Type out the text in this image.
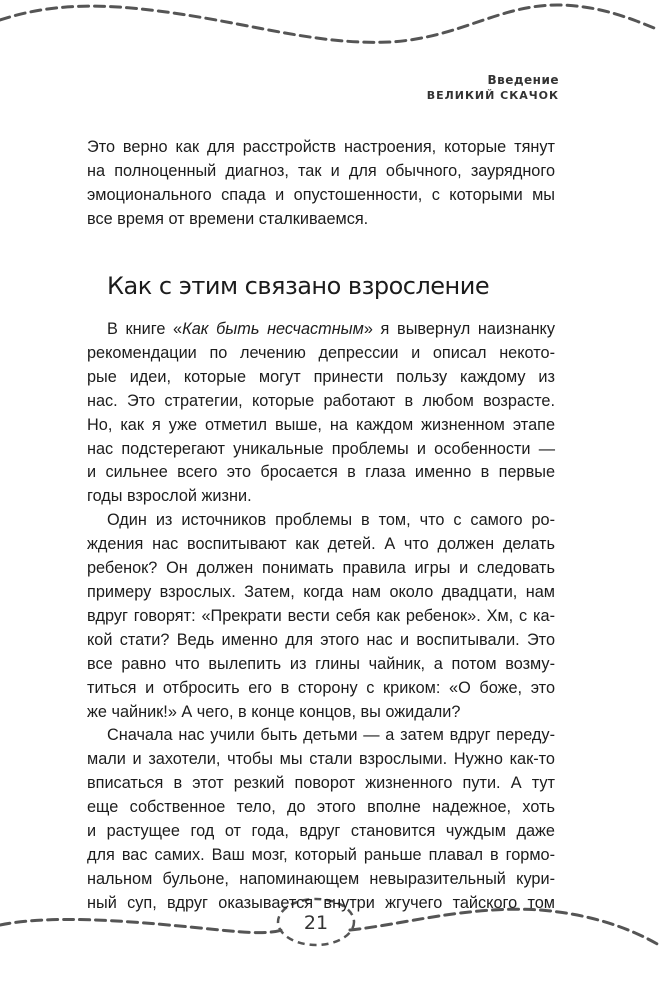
Введение
ВЕЛИКИЙ СКАЧОК

Это верно как для расстройств настроения, которые тянут

на полноценный диагноз, так и для обычного, заурядного

эмоционального спада и опустошенности, с которыми мы

все время от времени сталкиваемся.

Как с этим связано взросление

В книге «Как быть несчастным» я вывернул наизнанку

рекомендации по лечению депрессии и описал некото-

рые идеи, которые могут принести пользу каждому из

нас. Это стратегии, которые работают в любом возрасте.

Но, как я уже отметил выше, на каждом жизненном этапе

нас подстерегают уникальные проблемы и особенности —

и сильнее всего это бросается в глаза именно в первые

годы взрослой жизни.

Один из источников проблемы в том, что с самого ро-

ждения нас воспитывают как детей. А что должен делать

ребенок? Он должен понимать правила игры и следовать

примеру взрослых. Затем, когда нам около двадцати, нам

вдруг говорят: «Прекрати вести себя как ребенок». Хм, с ка-

кой стати? Ведь именно для этого нас и воспитывали. Это

все равно что вылепить из глины чайник, а потом возму-

титься и отбросить его в сторону с криком: «О боже, это

же чайник!» А чего, в конце концов, вы ожидали?

Сначала нас учили быть детьми — а затем вдруг переду-

мали и захотели, чтобы мы стали взрослыми. Нужно как-то

вписаться в этот резкий поворот жизненного пути. А тут

еще собственное тело, до этого вполне надежное, хоть

и растущее год от года, вдруг становится чуждым даже

для вас самих. Ваш мозг, который раньше плавал в гормо-

нальном бульоне, напоминающем невыразительный кури-

ный суп, вдруг оказывается внутри жгучего тайского том

21
